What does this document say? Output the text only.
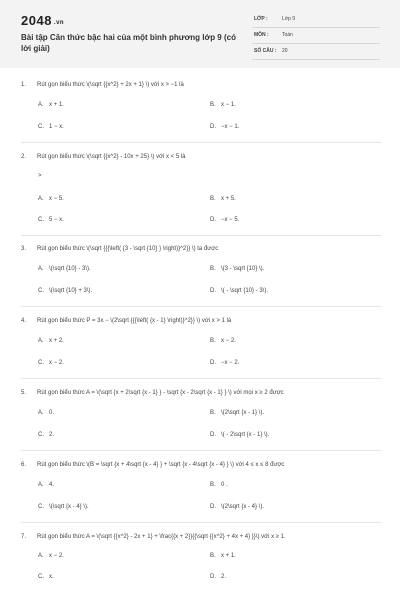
2048 .vn
Bài tập Căn thức bậc hai của một bình phương lớp 9 (có lời giải)
LỚP :	Lớp 9
MÔN :	Toán
SỐ CÂU : 20
1. Rút gọn biểu thức \(\sqrt {{x^2} + 2x + 1} \) với x > −1 là
A. x + 1.	B. x − 1.
C. 1 − x.	D. −x − 1.
2. Rút gọn biểu thức \(\sqrt {{x^2} - 10x + 25} \) với x < 5 là
>
A. x − 5.	B. x + 5.
C. 5 − x.	D. −x − 5.
3. Rút gọn biểu thức \(\sqrt {{{\left( {3 - \sqrt {10} } \right)}^2}} \) ta được
A. \(\sqrt {10} - 3\).	B. \(3 - \sqrt {10} \).
C. \(\sqrt {10} + 3\).	D. \( - \sqrt {10} - 3\).
4. Rút gọn biểu thức P = 3x − \(2\sqrt {{{\left( {x - 1} \right)}^2}} \) với x > 1 là
A. x + 2.	B. x − 2.
C. x − 2.	D. −x − 2.
5. Rút gọn biểu thức A = \(\sqrt {x + 2\sqrt {x - 1} } - \sqrt {x - 2\sqrt {x - 1} } \) với mọi x ≥ 2 được
A. 0.	B. \(2\sqrt {x - 1} \).
C. 2.	D. \( - 2\sqrt {x - 1} \).
6. Rút gọn biểu thức \(B = \sqrt {x + 4\sqrt {x - 4} } + \sqrt {x - 4\sqrt {x - 4} } \) với 4 ≤ x ≤ 8 được
A. 4.	B. 0 .
C. \(\sqrt {x - 4} \).	D. \(2\sqrt {x - 4} \).
7. Rút gọn biểu thức A = \(\sqrt {{x^2} - 2x + 1} + \frac{{x + 2}}{{\sqrt {{x^2} + 4x + 4} }}\) với x ≥ 1.
A. x − 2.	B. x + 1.
C. x.	D. 2.
